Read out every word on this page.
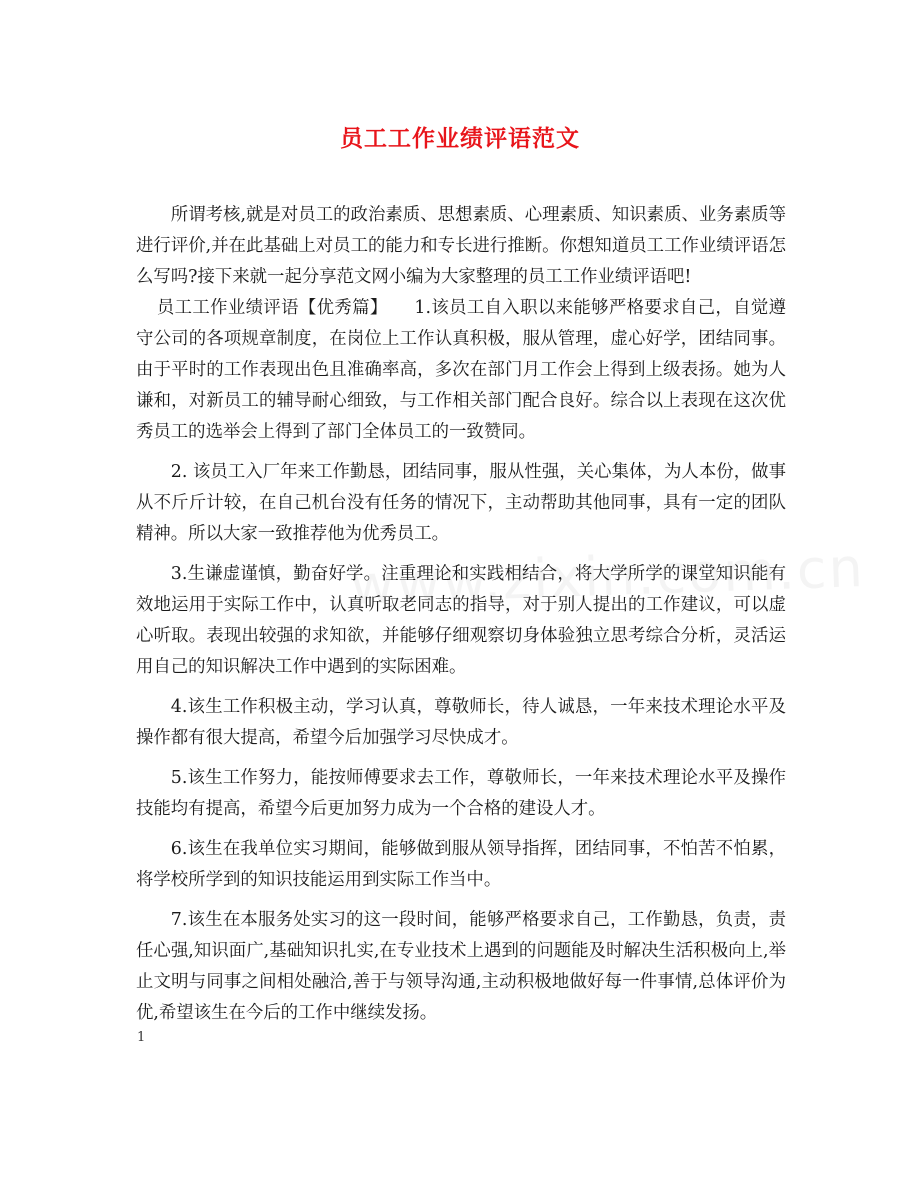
员工工作业绩评语范文

所谓考核,就是对员工的政治素质、思想素质、心理素质、知识素质、业务素质等进行评价,并在此基础上对员工的能力和专长进行推断。你想知道员工工作业绩评语怎么写吗?接下来就一起分享范文网小编为大家整理的员工工作业绩评语吧!

员工工作业绩评语【优秀篇】　　1.该员工自入职以来能够严格要求自己，自觉遵守公司的各项规章制度，在岗位上工作认真积极，服从管理，虚心好学，团结同事。由于平时的工作表现出色且准确率高，多次在部门月工作会上得到上级表扬。她为人谦和，对新员工的辅导耐心细致，与工作相关部门配合良好。综合以上表现在这次优秀员工的选举会上得到了部门全体员工的一致赞同。

2. 该员工入厂年来工作勤恳，团结同事，服从性强，关心集体，为人本份，做事从不斤斤计较，在自己机台没有任务的情况下，主动帮助其他同事，具有一定的团队精神。所以大家一致推荐他为优秀员工。

3.生谦虚谨慎，勤奋好学。注重理论和实践相结合，将大学所学的课堂知识能有效地运用于实际工作中，认真听取老同志的指导，对于别人提出的工作建议，可以虚心听取。表现出较强的求知欲，并能够仔细观察切身体验独立思考综合分析，灵活运用自己的知识解决工作中遇到的实际困难。

4.该生工作积极主动，学习认真，尊敬师长，待人诚恳，一年来技术理论水平及操作都有很大提高，希望今后加强学习尽快成才。

5.该生工作努力，能按师傅要求去工作，尊敬师长，一年来技术理论水平及操作技能均有提高，希望今后更加努力成为一个合格的建设人才。

6.该生在我单位实习期间，能够做到服从领导指挥，团结同事，不怕苦不怕累，将学校所学到的知识技能运用到实际工作当中。

7.该生在本服务处实习的这一段时间，能够严格要求自己，工作勤恳，负责，责任心强,知识面广,基础知识扎实,在专业技术上遇到的问题能及时解决生活积极向上,举止文明与同事之间相处融洽,善于与领导沟通,主动积极地做好每一件事情,总体评价为优,希望该生在今后的工作中继续发扬。

1
